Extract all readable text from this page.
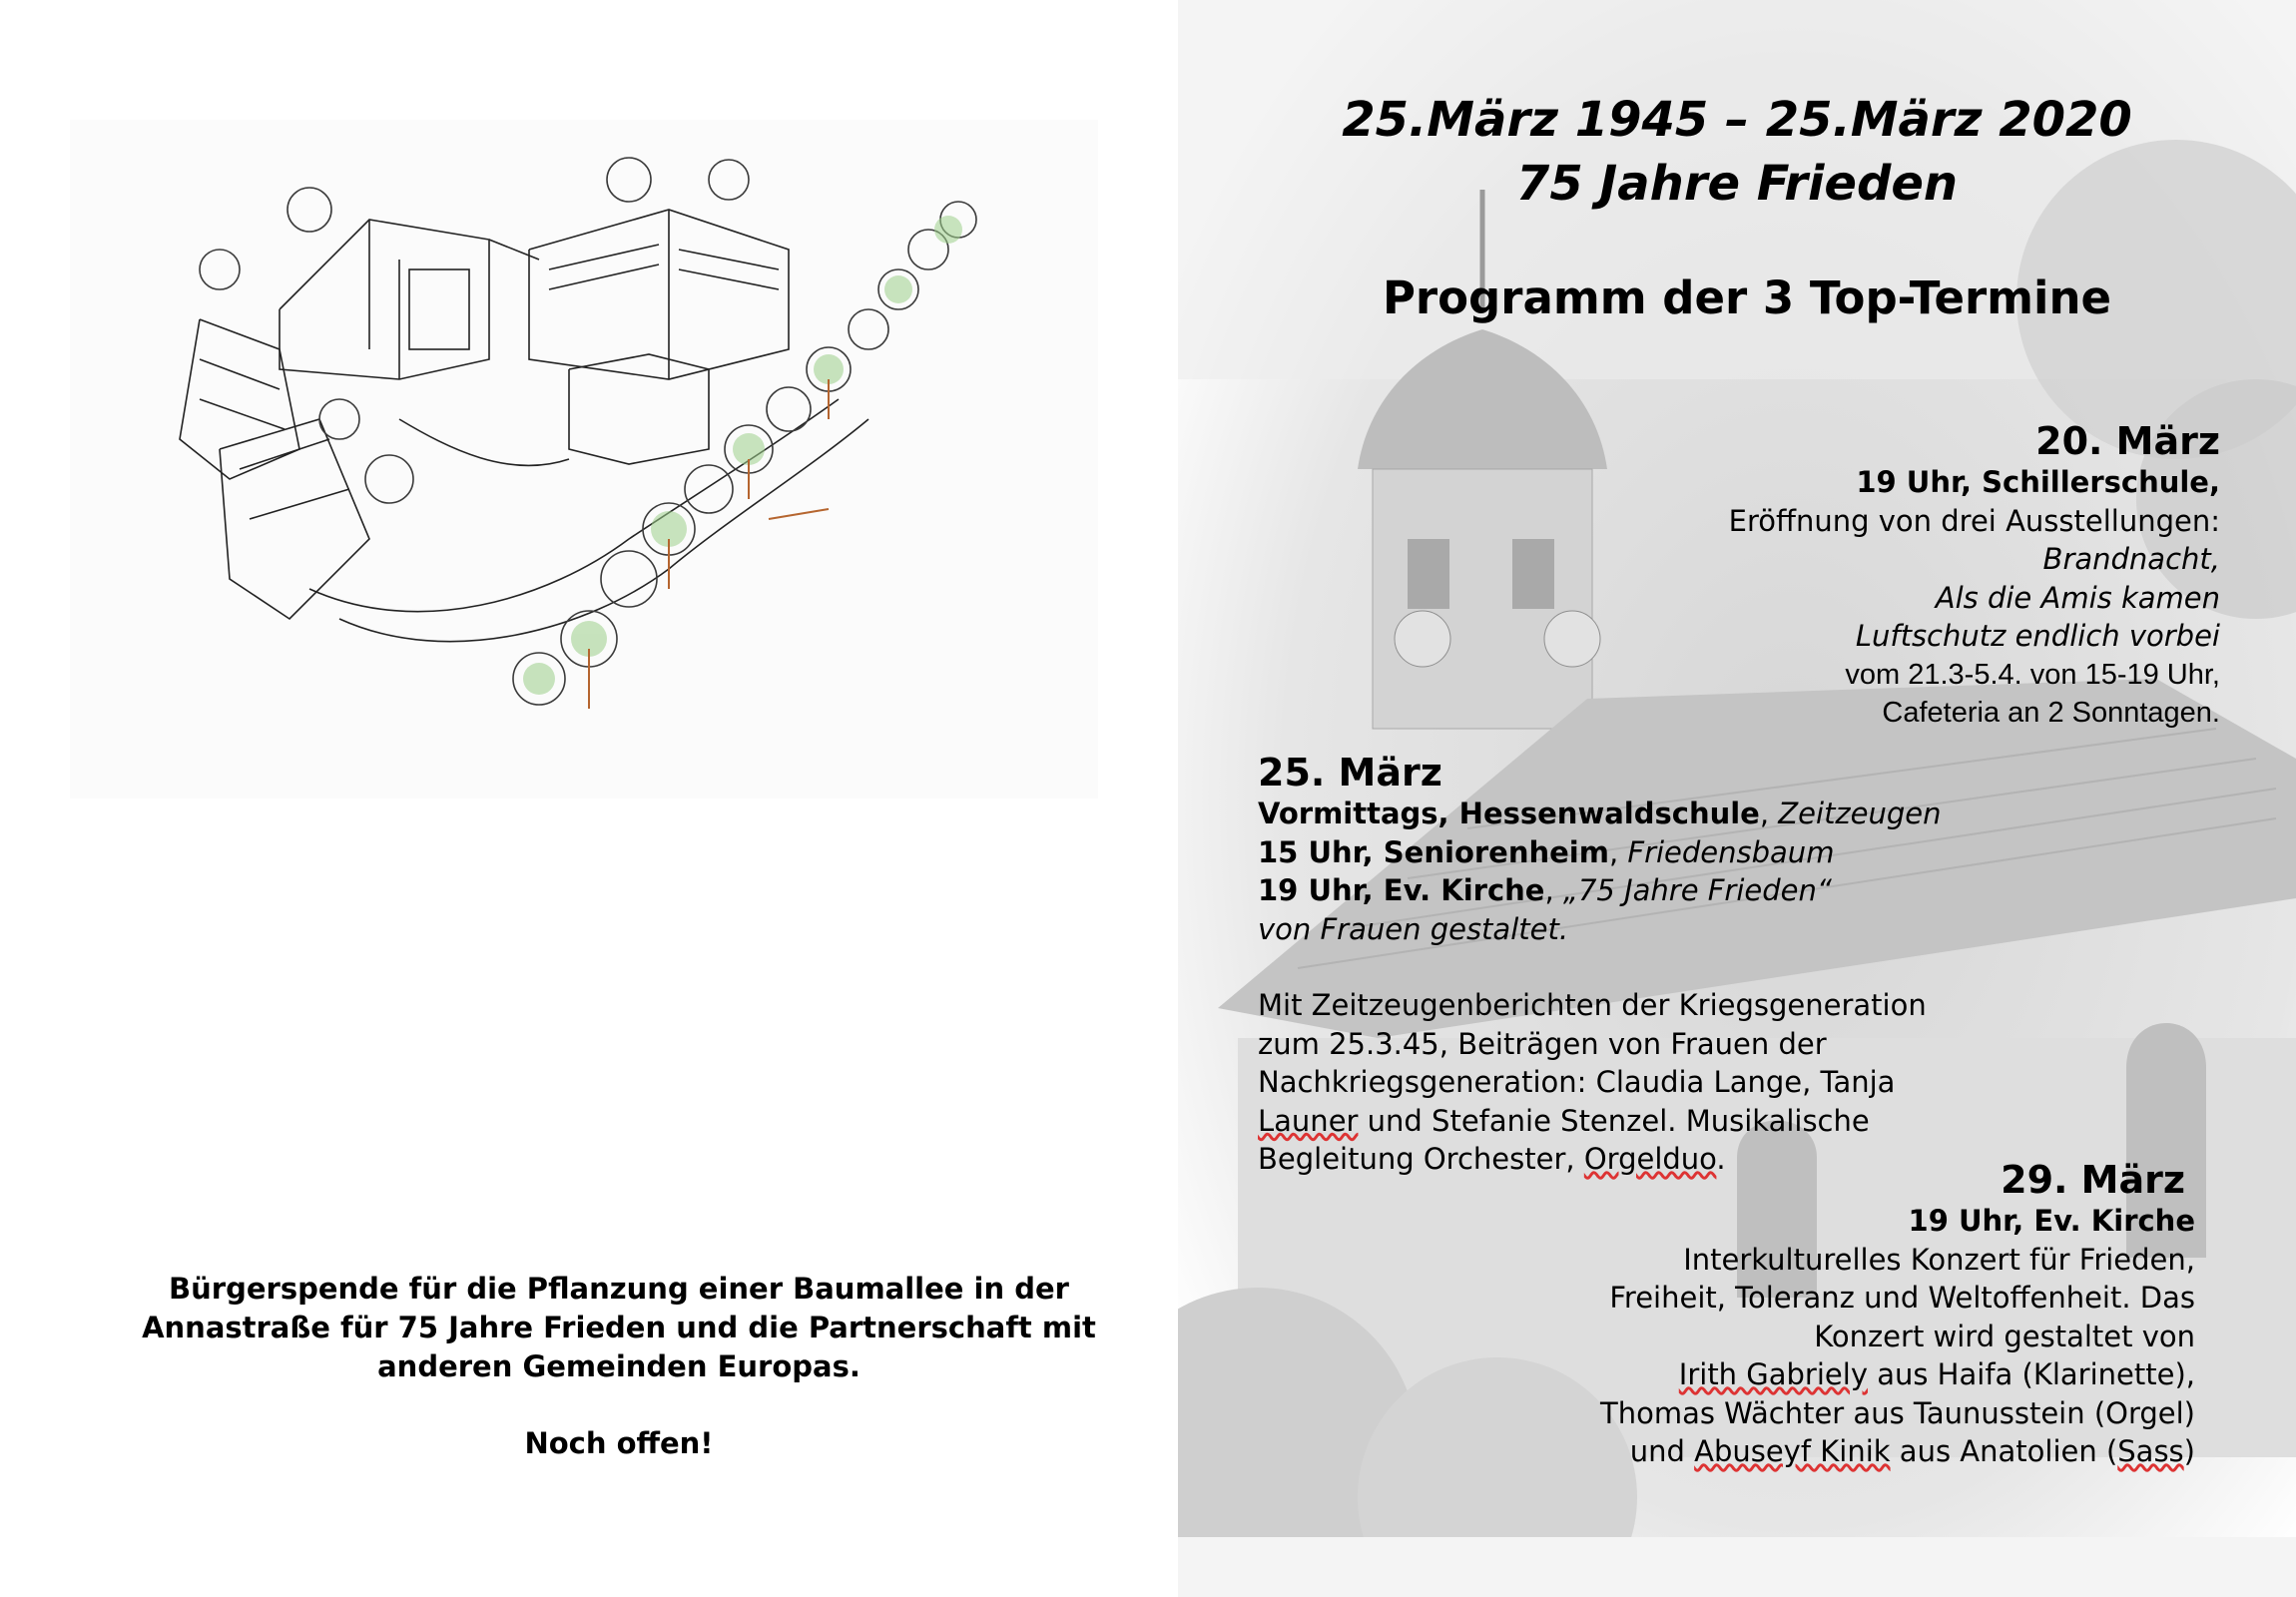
Bürgerspende für die Pflanzung einer Baumallee in der
Annastraße für 75 Jahre Frieden und die Partnerschaft mit
anderen Gemeinden Europas.
Noch offen!
25.März 1945 – 25.März 2020
75 Jahre Frieden
Programm der 3 Top-Termine
20. März
19 Uhr, Schillerschule,
Eröffnung von drei Ausstellungen:
Brandnacht,
Als die Amis kamen
Luftschutz endlich vorbei
vom 21.3-5.4. von 15-19 Uhr,
Cafeteria an 2 Sonntagen.
25. März
Vormittags, Hessenwaldschule, Zeitzeugen
15 Uhr, Seniorenheim, Friedensbaum
19 Uhr, Ev. Kirche, „75 Jahre Frieden“
von Frauen gestaltet.
Mit Zeitzeugenberichten der Kriegsgeneration
zum 25.3.45, Beiträgen von Frauen der
Nachkriegsgeneration: Claudia Lange, Tanja
Launer und Stefanie Stenzel. Musikalische
Begleitung Orchester, Orgelduo.	29. März
19 Uhr, Ev. Kirche
Interkulturelles Konzert für Frieden,
Freiheit, Toleranz und Weltoffenheit. Das
Konzert wird gestaltet von
Irith Gabriely aus Haifa (Klarinette),
Thomas Wächter aus Taunusstein (Orgel)
und Abuseyf Kinik aus Anatolien (Sass)
